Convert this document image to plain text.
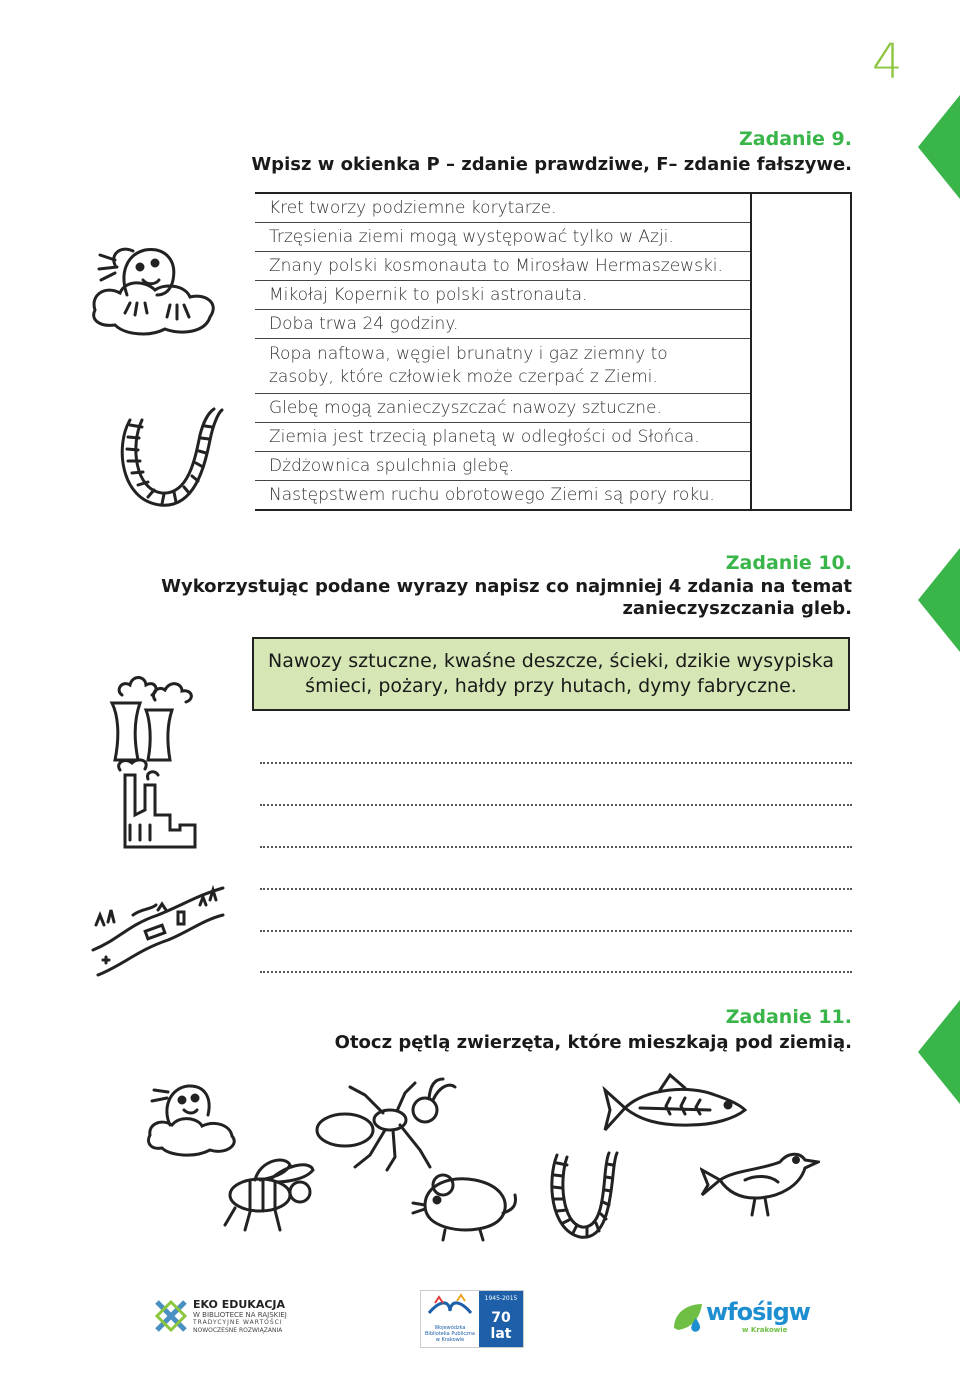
4
Zadanie 9.
Wpisz w okienka P – zdanie prawdziwe, F– zdanie fałszywe.
Kret tworzy podziemne korytarze.	
Trzęsienia ziemi mogą występować tylko w Azji.
Znany polski kosmonauta to Mirosław Hermaszewski.
Mikołaj Kopernik to polski astronauta.
Doba trwa 24 godziny.
Ropa naftowa, węgiel brunatny i gaz ziemny to zasoby, które człowiek może czerpać z Ziemi.
Glebę mogą zanieczyszczać nawozy sztuczne.
Ziemia jest trzecią planetą w odległości od Słońca.
Dżdżownica spulchnia glebę.
Następstwem ruchu obrotowego Ziemi są pory roku.
Zadanie 10.
Wykorzystując podane wyrazy napisz co najmniej 4 zdania na temat
zanieczyszczania gleb.
Nawozy sztuczne, kwaśne deszcze, ścieki, dzikie wysypiska śmieci, pożary, hałdy przy hutach, dymy fabryczne.
Zadanie 11.
Otocz pętlą zwierzęta, które mieszkają pod ziemią.
EKO EDUKACJA
W BIBLIOTECE NA RAJSKIEJ
TRADYCYJNE WARTOŚCI
NOWOCZESNE ROZWIĄZANIA	Wojewódzka Biblioteka Publiczna w Krakowie
1945-2015
70 lat
wfośigw
w Krakowie
